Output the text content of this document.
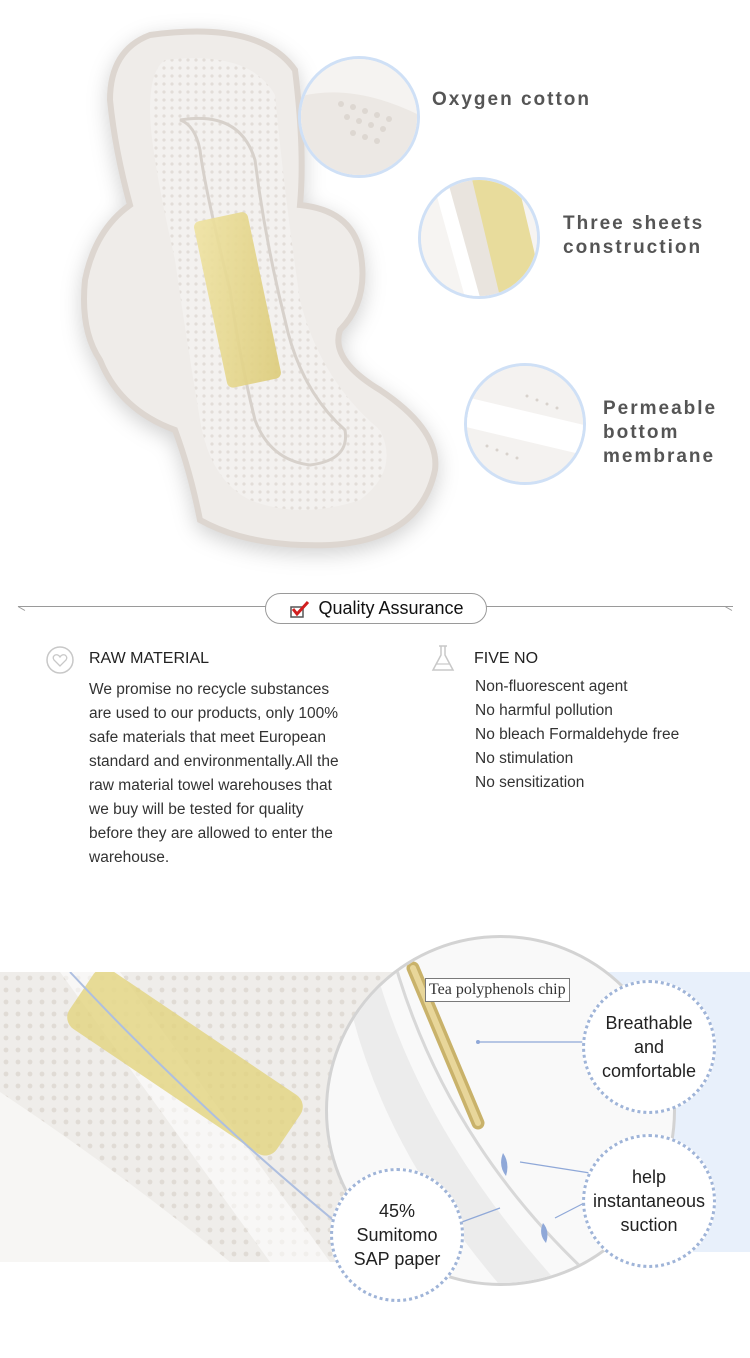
Oxygen cotton
Three sheets
construction
Permeable
bottom
membrane
Quality Assurance
RAW MATERIAL
We promise no recycle substances
are used to our products, only 100%
safe materials that meet European
standard and environmentally.All the
raw material towel warehouses that
we buy will be tested for quality
before they are allowed to enter the
warehouse.
FIVE NO
Non-fluorescent agent
No harmful pollution
No bleach Formaldehyde free
No stimulation
No sensitization
Tea polyphenols chip
Breathable
and
comfortable
help
instantaneous
suction
45%
Sumitomo
SAP paper
